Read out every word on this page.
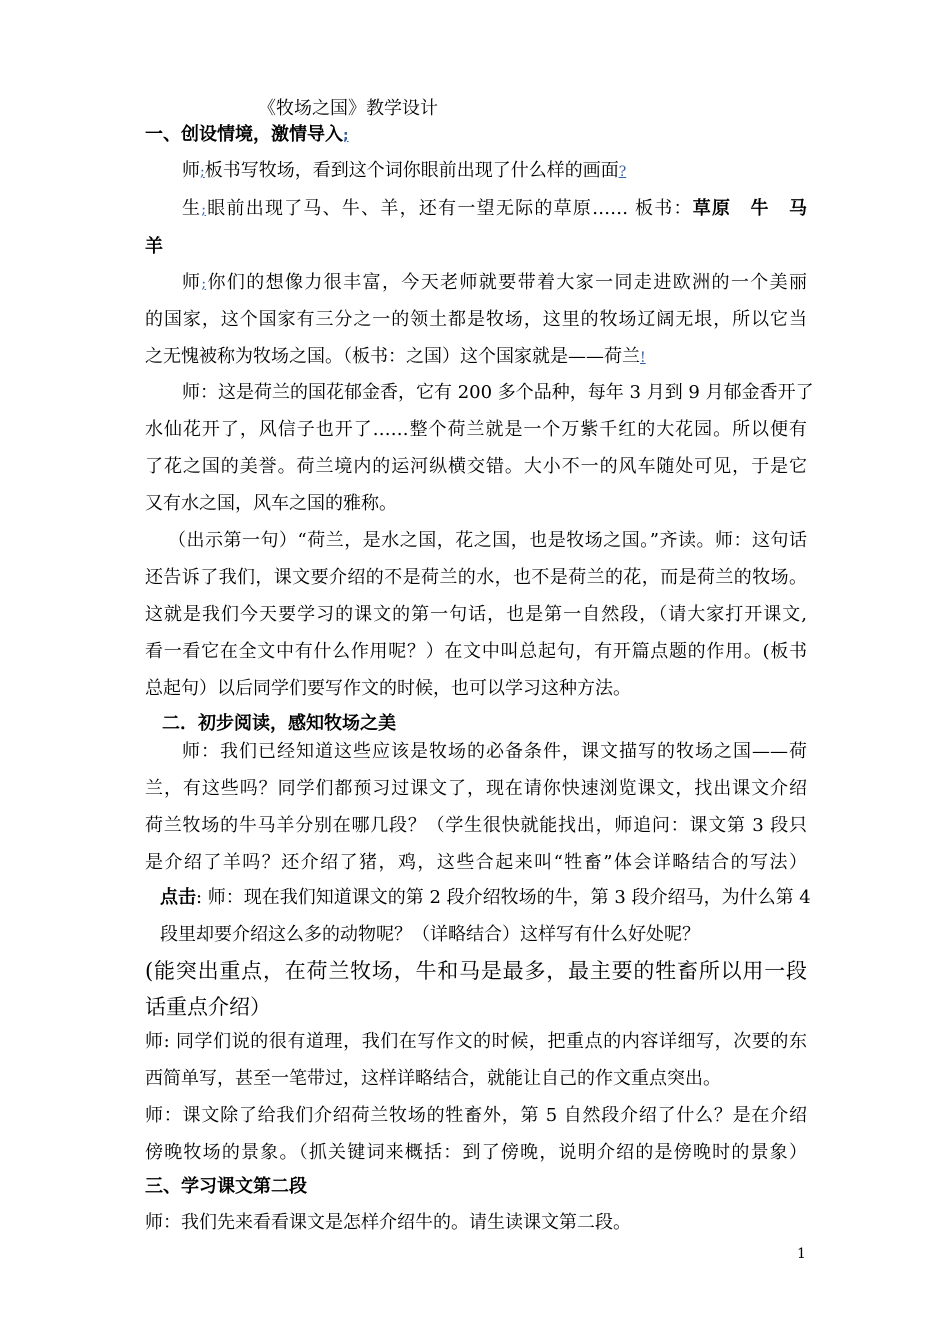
《牧场之国》教学设计
一、创设情境，激情导入;
师;板书写牧场，看到这个词你眼前出现了什么样的画面?
生;眼前出现了马、牛、羊，还有一望无际的草原…… 板书：草原　牛　马
羊
师;你们的想像力很丰富，今天老师就要带着大家一同走进欧洲的一个美丽
的国家，这个国家有三分之一的领土都是牧场，这里的牧场辽阔无垠，所以它当
之无愧被称为牧场之国。（板书：之国）这个国家就是——荷兰!
师：这是荷兰的国花郁金香，它有 200 多个品种，每年 3 月到 9 月郁金香开了
水仙花开了，风信子也开了……整个荷兰就是一个万紫千红的大花园。所以便有
了花之国的美誉。荷兰境内的运河纵横交错。大小不一的风车随处可见，于是它
又有水之国，风车之国的雅称。
（出示第一句）“荷兰，是水之国，花之国，也是牧场之国。”齐读。师：这句话
还告诉了我们，课文要介绍的不是荷兰的水，也不是荷兰的花，而是荷兰的牧场。
这就是我们今天要学习的课文的第一句话，也是第一自然段，（请大家打开课文,
看一看它在全文中有什么作用呢？）在文中叫总起句，有开篇点题的作用。(板书
总起句）以后同学们要写作文的时候，也可以学习这种方法。
二．初步阅读，感知牧场之美
师：我们已经知道这些应该是牧场的必备条件，课文描写的牧场之国——荷
兰，有这些吗？同学们都预习过课文了，现在请你快速浏览课文，找出课文介绍
荷兰牧场的牛马羊分别在哪几段？（学生很快就能找出，师追问：课文第 3 段只
是介绍了羊吗？还介绍了猪，鸡，这些合起来叫“牲畜”体会详略结合的写法）
点击: 师：现在我们知道课文的第 2 段介绍牧场的牛，第 3 段介绍马，为什么第 4
段里却要介绍这么多的动物呢？（详略结合）这样写有什么好处呢？
(能突出重点，在荷兰牧场，牛和马是最多，最主要的牲畜所以用一段
话重点介绍）
师: 同学们说的很有道理，我们在写作文的时候，把重点的内容详细写，次要的东
西简单写，甚至一笔带过，这样详略结合，就能让自己的作文重点突出。
师：课文除了给我们介绍荷兰牧场的牲畜外，第 5 自然段介绍了什么？是在介绍
傍晚牧场的景象。（抓关键词来概括：到了傍晚，说明介绍的是傍晚时的景象）
三、学习课文第二段
师：我们先来看看课文是怎样介绍牛的。请生读课文第二段。
1
